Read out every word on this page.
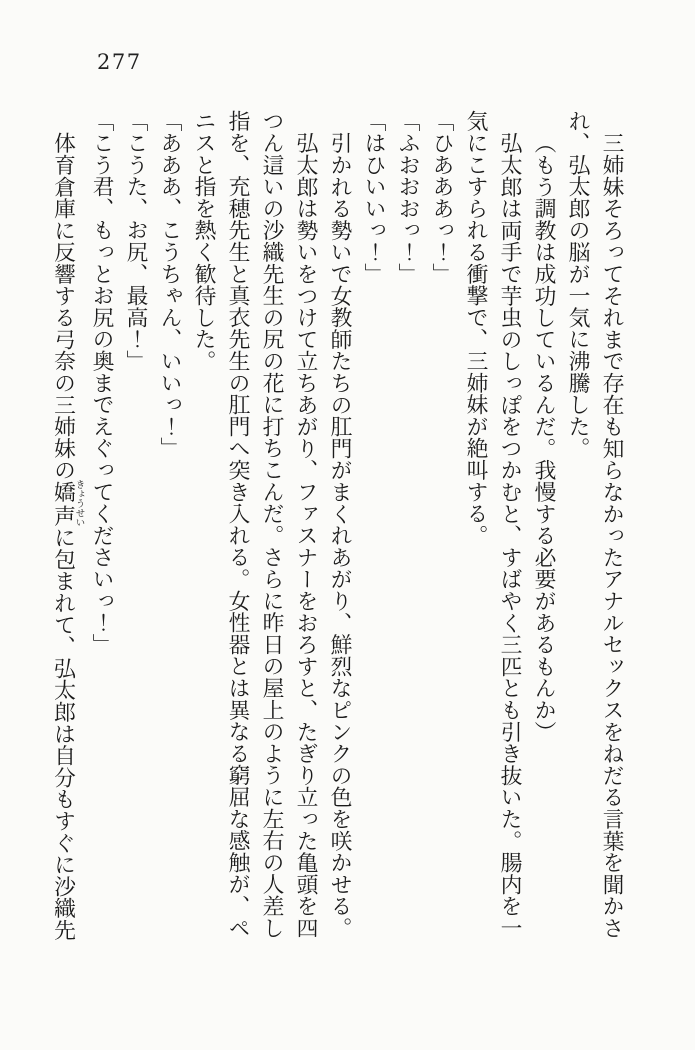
277

三姉妹そろってそれまで存在も知らなかったアナルセックスをねだる言葉を聞かされ、弘太郎の脳が一気に沸騰した。

（もう調教は成功しているんだ。我慢する必要があるもんか）

弘太郎は両手で芋虫のしっぽをつかむと、すばやく三匹とも引き抜いた。腸内を一気にこすられる衝撃で、三姉妹が絶叫する。

「ひあああっ！」

「ふおおおっ！」

「はひいいっ！」

引かれる勢いで女教師たちの肛門がまくれあがり、鮮烈なピンクの色を咲かせる。

弘太郎は勢いをつけて立ちあがり、ファスナーをおろすと、たぎり立った亀頭を四つん這いの沙織先生の尻の花に打ちこんだ。さらに昨日の屋上のように左右の人差し指を、充穂先生と真衣先生の肛門へ突き入れる。女性器とは異なる窮屈な感触が、ペニスと指を熱く歓待した。

「あああ、こうちゃん、いいっ！」

「こうた、お尻、最高！」

「こう君、もっとお尻の奥までえぐってくださいっ！」

体育倉庫に反響する弓奈の三姉妹の嬌声きょうせいに包まれて、弘太郎は自分もすぐに沙織先
